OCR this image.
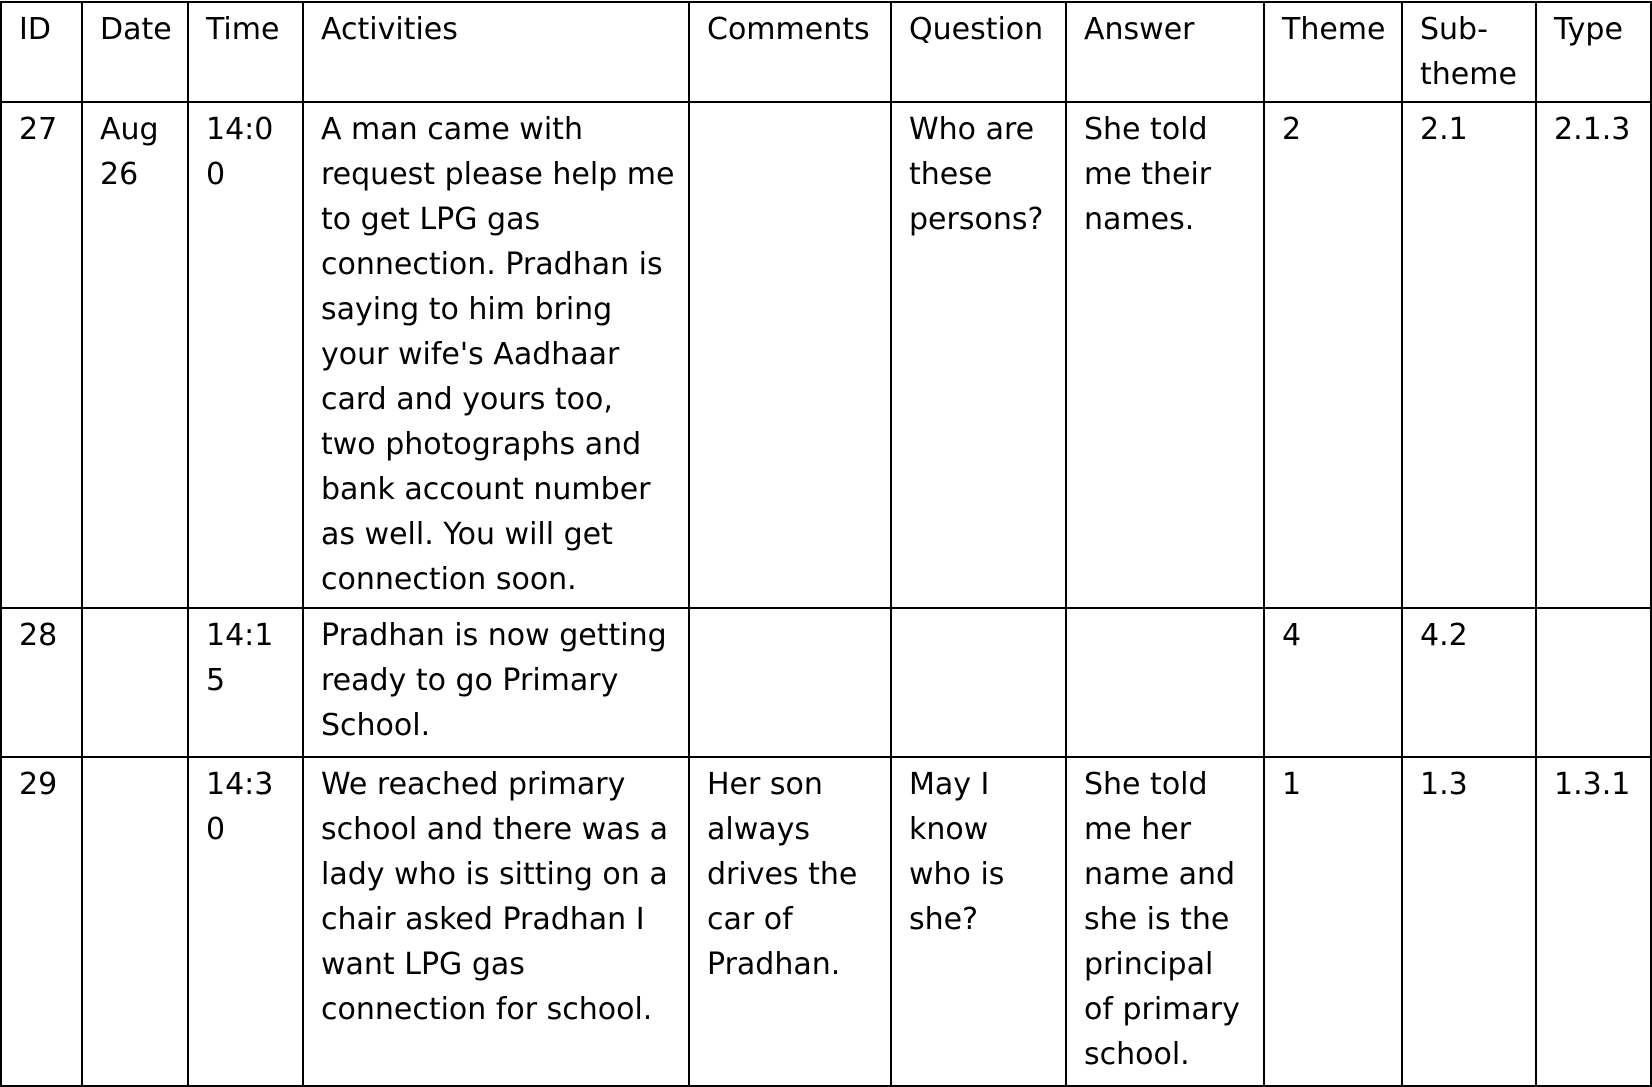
ID	Date	Time	Activities	Comments	Question	Answer	Theme	Sub-theme	Type
27	Aug 26	14:00	A man came with request please help me to get LPG gas connection. Pradhan is saying to him bring your wife's Aadhaar card and yours too, two photographs and bank account number as well. You will get connection soon.		Who are these persons?	She told me their names.	2	2.1	2.1.3
28		14:15	Pradhan is now getting ready to go Primary School.				4	4.2	
29		14:30	We reached primary school and there was a lady who is sitting on a chair asked Pradhan I want LPG gas connection for school.	Her son always drives the car of Pradhan.	May I know who is she?	She told me her name and she is the principal of primary school.	1	1.3	1.3.1
